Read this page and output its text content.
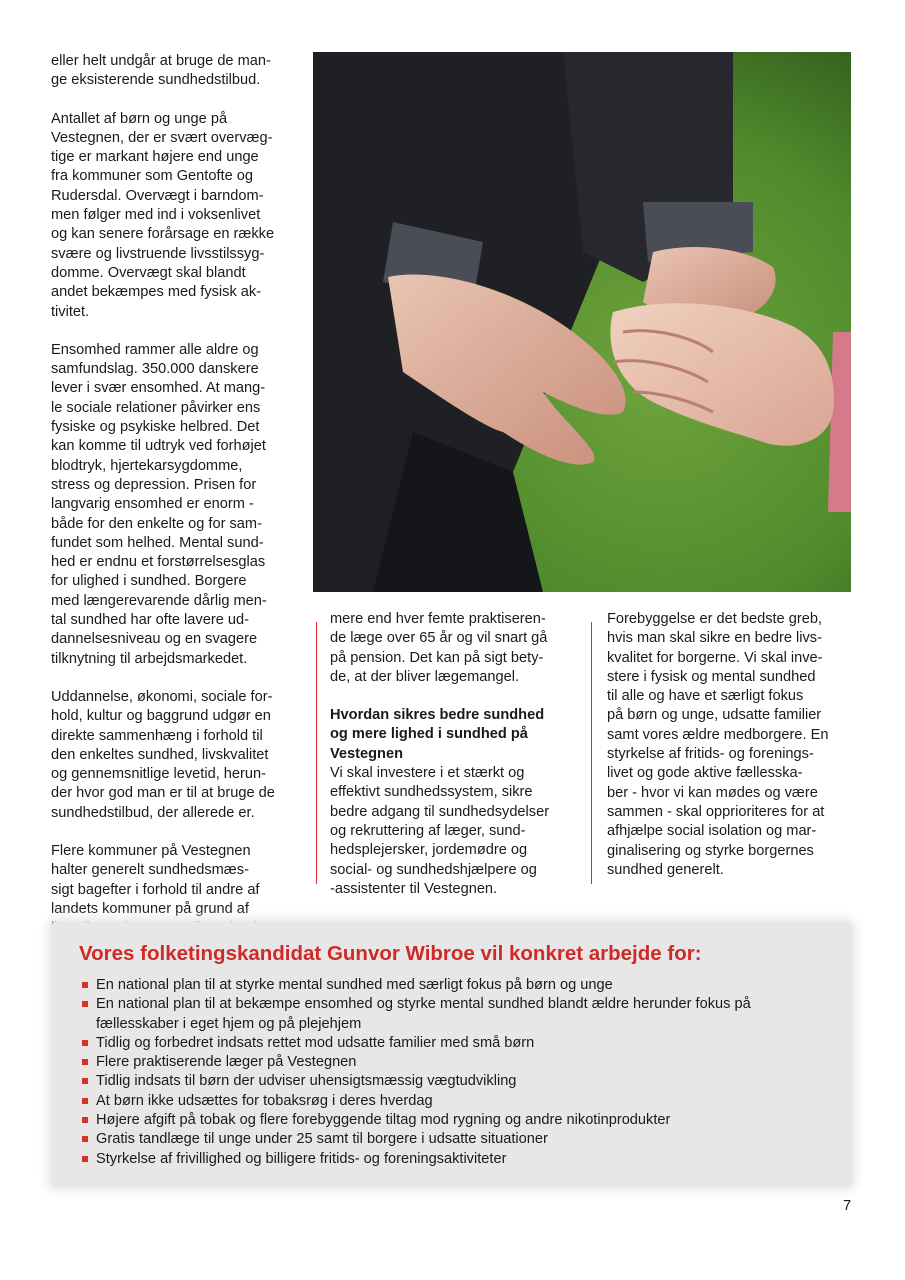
eller helt undgår at bruge de man-
ge eksisterende sundhedstilbud.

Antallet af børn og unge på
Vestegnen, der er svært overvæg-
tige er markant højere end unge
fra kommuner som Gentofte og
Rudersdal. Overvægt i barndom-
men følger med ind i voksenlivet
og kan senere forårsage en række
svære og livstruende livsstilssyg-
domme. Overvægt skal blandt
andet bekæmpes med fysisk ak-
tivitet.

Ensomhed rammer alle aldre og
samfundslag. 350.000 danskere
lever i svær ensomhed. At mang-
le sociale relationer påvirker ens
fysiske og psykiske helbred. Det
kan komme til udtryk ved forhøjet
blodtryk, hjertekarsygdomme,
stress og depression. Prisen for
langvarig ensomhed er enorm -
både for den enkelte og for sam-
fundet som helhed. Mental sund-
hed er endnu et forstørrelsesglas
for ulighed i sundhed. Borgere
med længerevarende dårlig men-
tal sundhed har ofte lavere ud-
dannelsesniveau og en svagere
tilknytning til arbejdsmarkedet.

Uddannelse, økonomi, sociale for-
hold, kultur og baggrund udgør en
direkte sammenhæng i forhold til
den enkeltes sundhed, livskvalitet
og gennemsnitlige levetid, herun-
der hvor god man er til at bruge de
sundhedstilbud, der allerede er.

Flere kommuner på Vestegnen
halter generelt sundhedsmæs-
sigt bagefter i forhold til andre af
landets kommuner på grund af

mere end hver femte praktiseren-
de læge over 65 år og vil snart gå
på pension. Det kan på sigt bety-
de, at der bliver lægemangel.

Hvordan sikres bedre sundhed
og mere lighed i sundhed på
Vestegnen

Vi skal investere i et stærkt og
effektivt sundhedssystem, sikre
bedre adgang til sundhedsydelser
og rekruttering af læger, sund-
hedsplejersker, jordemødre og
social- og sundhedshjælpere og
-assistenter til Vestegnen.

Forebyggelse er det bedste greb,
hvis man skal sikre en bedre livs-
kvalitet for borgerne. Vi skal inve-
stere i fysisk og mental sundhed
til alle og have et særligt fokus
på børn og unge, udsatte familier
samt vores ældre medborgere. En
styrkelse af fritids- og forenings-
livet og gode aktive fællesska-
ber - hvor vi kan mødes og være
sammen - skal opprioriteres for at
afhjælpe social isolation og mar-
ginalisering og styrke borgernes
sundhed generelt.

Vores folketingskandidat Gunvor Wibroe vil konkret arbejde for:
En national plan til at styrke mental sundhed med særligt fokus på børn og unge
En national plan til at bekæmpe ensomhed og styrke mental sundhed blandt ældre herunder fokus på fællesskaber i eget hjem og på plejehjem
Tidlig og forbedret indsats rettet mod udsatte familier med små børn
Flere praktiserende læger på Vestegnen
Tidlig indsats til børn der udviser uhensigtsmæssig vægtudvikling
At børn ikke udsættes for tobaksrøg i deres hverdag
Højere afgift på tobak og flere forebyggende tiltag mod rygning og andre nikotinprodukter
Gratis tandlæge til unge under 25 samt til borgere i udsatte situationer
Styrkelse af frivillighed og billigere fritids- og foreningsaktiviteter
7
